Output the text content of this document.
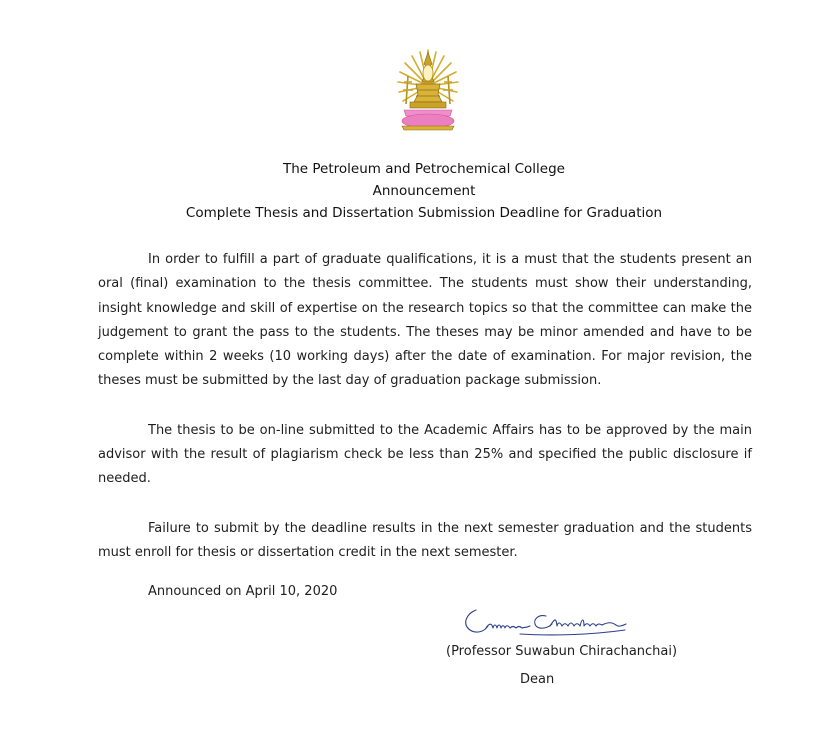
The Petroleum and Petrochemical College
Announcement
Complete Thesis and Dissertation Submission Deadline for Graduation

In order to fulfill a part of graduate qualifications, it is a must that the students present an oral (final) examination to the thesis committee. The students must show their understanding, insight knowledge and skill of expertise on the research topics so that the committee can make the judgement to grant the pass to the students. The theses may be minor amended and have to be complete within 2 weeks (10 working days) after the date of examination. For major revision, the theses must be submitted by the last day of graduation package submission.

The thesis to be on-line submitted to the Academic Affairs has to be approved by the main advisor with the result of plagiarism check be less than 25% and specified the public disclosure if needed.

Failure to submit by the deadline results in the next semester graduation and the students must enroll for thesis or dissertation credit in the next semester.

Announced on April 10, 2020
(Professor Suwabun Chirachanchai)
Dean
